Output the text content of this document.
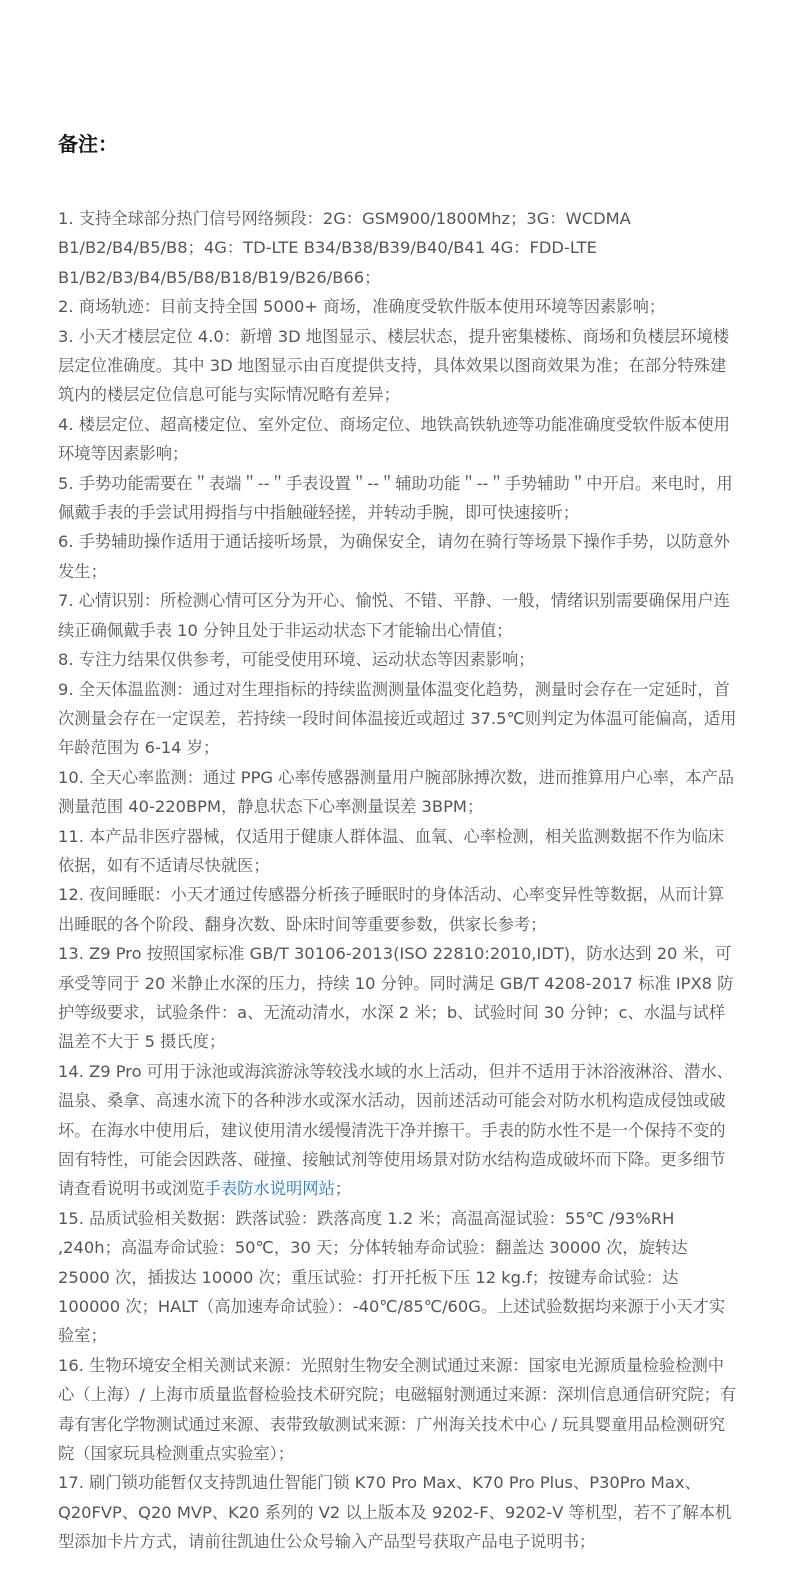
备注：
1. 支持全球部分热门信号网络频段：2G：GSM900/1800Mhz；3G：WCDMA B1/B2/B4/B5/B8；4G：TD-LTE B34/B38/B39/B40/B41 4G：FDD-LTE B1/B2/B3/B4/B5/B8/B18/B19/B26/B66；
2. 商场轨迹：目前支持全国 5000+ 商场，准确度受软件版本使用环境等因素影响；
3. 小天才楼层定位 4.0：新增 3D 地图显示、楼层状态，提升密集楼栋、商场和负楼层环境楼层定位准确度。其中 3D 地图显示由百度提供支持，具体效果以图商效果为准；在部分特殊建筑内的楼层定位信息可能与实际情况略有差异；
4. 楼层定位、超高楼定位、室外定位、商场定位、地铁高铁轨迹等功能准确度受软件版本使用环境等因素影响；
5. 手势功能需要在＂表端＂--＂手表设置＂--＂辅助功能＂--＂手势辅助＂中开启。来电时，用佩戴手表的手尝试用拇指与中指触碰轻搓，并转动手腕，即可快速接听；
6. 手势辅助操作适用于通话接听场景，为确保安全，请勿在骑行等场景下操作手势，以防意外发生；
7. 心情识别：所检测心情可区分为开心、愉悦、不错、平静、一般，情绪识别需要确保用户连续正确佩戴手表 10 分钟且处于非运动状态下才能输出心情值；
8. 专注力结果仅供参考，可能受使用环境、运动状态等因素影响；
9. 全天体温监测：通过对生理指标的持续监测测量体温变化趋势，测量时会存在一定延时，首次测量会存在一定误差，若持续一段时间体温接近或超过 37.5℃则判定为体温可能偏高，适用年龄范围为 6-14 岁；
10. 全天心率监测：通过 PPG 心率传感器测量用户腕部脉搏次数，进而推算用户心率，本产品测量范围 40-220BPM，静息状态下心率测量误差 3BPM；
11. 本产品非医疗器械，仅适用于健康人群体温、血氧、心率检测，相关监测数据不作为临床依据，如有不适请尽快就医；
12. 夜间睡眠：小天才通过传感器分析孩子睡眠时的身体活动、心率变异性等数据，从而计算出睡眠的各个阶段、翻身次数、卧床时间等重要参数，供家长参考；
13. Z9 Pro 按照国家标准 GB/T 30106-2013(ISO 22810:2010,IDT)，防水达到 20 米，可承受等同于 20 米静止水深的压力，持续 10 分钟。同时满足 GB/T 4208-2017 标准 IPX8 防护等级要求，试验条件：a、无流动清水，水深 2 米；b、试验时间 30 分钟；c、水温与试样温差不大于 5 摄氏度；
14. Z9 Pro 可用于泳池或海滨游泳等较浅水域的水上活动，但并不适用于沐浴液淋浴、潜水、温泉、桑拿、高速水流下的各种涉水或深水活动，因前述活动可能会对防水机构造成侵蚀或破坏。在海水中使用后，建议使用清水缓慢清洗干净并擦干。手表的防水性不是一个保持不变的固有特性，可能会因跌落、碰撞、接触试剂等使用场景对防水结构造成破坏而下降。更多细节请查看说明书或浏览手表防水说明网站；
15. 品质试验相关数据：跌落试验：跌落高度 1.2 米；高温高湿试验：55℃ /93%RH ,240h；高温寿命试验：50℃，30 天；分体转轴寿命试验：翻盖达 30000 次，旋转达 25000 次，插拔达 10000 次；重压试验：打开托板下压 12 kg.f；按键寿命试验：达 100000 次；HALT（高加速寿命试验）：-40℃/85℃/60G。上述试验数据均来源于小天才实验室；
16. 生物环境安全相关测试来源：光照射生物安全测试通过来源：国家电光源质量检验检测中心（上海）/ 上海市质量监督检验技术研究院；电磁辐射测通过来源：深圳信息通信研究院；有毒有害化学物测试通过来源、表带致敏测试来源：广州海关技术中心 / 玩具婴童用品检测研究院（国家玩具检测重点实验室）；
17. 刷门锁功能暂仅支持凯迪仕智能门锁 K70 Pro Max、K70 Pro Plus、P30Pro Max、Q20FVP、Q20 MVP、K20 系列的 V2 以上版本及 9202-F、9202-V 等机型，若不了解本机型添加卡片方式，请前往凯迪仕公众号输入产品型号获取产品电子说明书；
